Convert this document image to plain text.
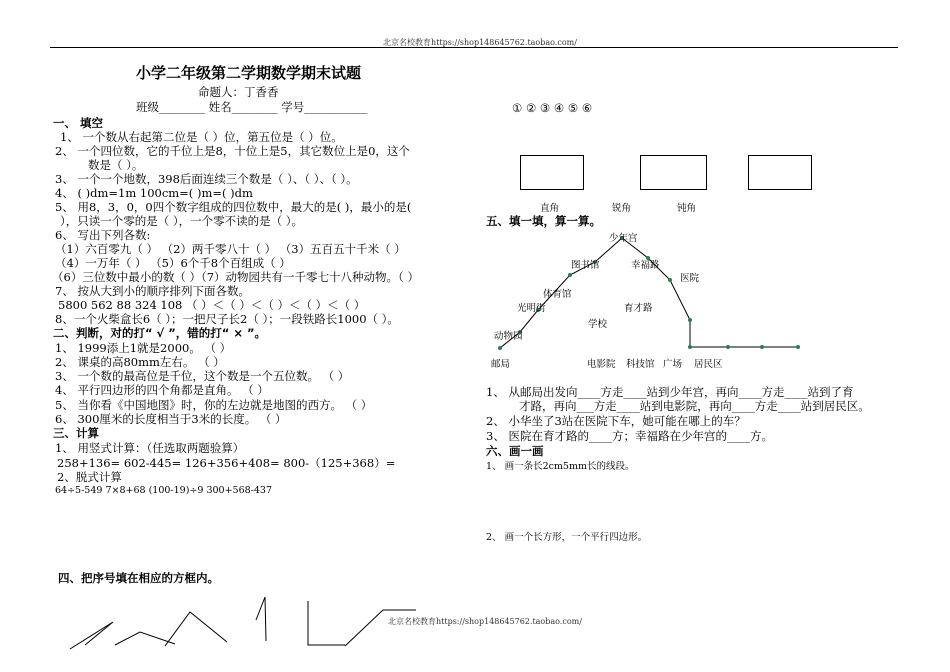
北京名校教育https://shop148645762.taobao.com/
小学二年级第二学期数学期末试题
命题人：丁香香
班级________ 姓名________ 学号___________
一、 填空
1、 一个数从右起第二位是（ ）位，第五位是（ ）位。
2、 一个四位数，它的千位上是8，十位上是5，其它数位上是0，这个
数是（ ）。
3、 一个一个地数，398后面连续三个数是（ ）、（ ）、（ ）。
4、 ( )dm=1m 100cm=( )m=( )dm
5、 用8，3，0，0四个数字组成的四位数中，最大的是( )，最小的是(
），只读一个零的是（ ），一个零不读的是（ ）。
6、 写出下列各数:
（1）六百零九（ ） （2）两千零八十（ ） （3）五百五十千米（ ）
（4）一万年（ ） （5）6个千8个百组成（ ）
（6）三位数中最小的数（ ）（7）动物园共有一千零七十八种动物。（ ）
7、 按从大到小的顺序排列下面各数。
5800 562 88 324 108 （ ）＜（ ）＜（ ）＜（ ）＜（ ）
8、一个火柴盒长6（ ）；一把尺子长2（ ）；一段铁路长1000（ ）。
二、判断，对的打“ √ ”，错的打“ × ”。
1、 1999添上1就是2000。 （ ）
2、 课桌的高80mm左右。 （ ）
3、 一个数的最高位是千位，这个数是一个五位数。 （ ）
4、 平行四边形的四个角都是直角。 （ ）
5、 当你看《中国地图》时，你的左边就是地图的西方。 （ ）
6、 300厘米的长度相当于3米的长度。 （ ）
三、计算
1、 用竖式计算：（任选取两题验算）
258+136= 602-445= 126+356+408= 800-（125+368）=
2、脱式计算
64÷5-549 7×8+68 (100-19)÷9 300+568-437
四、把序号填在相应的方框内。
北京名校教育https://shop148645762.taobao.com/
① ② ③ ④ ⑤ ⑥
直角	锐角	钝角
五、填一填，算一算。
少年宫
图书馆	幸福路
医院
体育馆
育才路
光明街
学校
动物园
邮局	电影院 科技馆 广场 居民区
1、 从邮局出发向____方走____站到少年宫，再向____方走____站到了育
才路，再向___方走____站到电影院，再向____方走____站到居民区。
2、 小华坐了3站在医院下车，她可能在哪上的车？
3、 医院在育才路的____方；幸福路在少年宫的____方。
六、画一画
1、 画一条长2cm5mm长的线段。
2、 画一个长方形，一个平行四边形。
